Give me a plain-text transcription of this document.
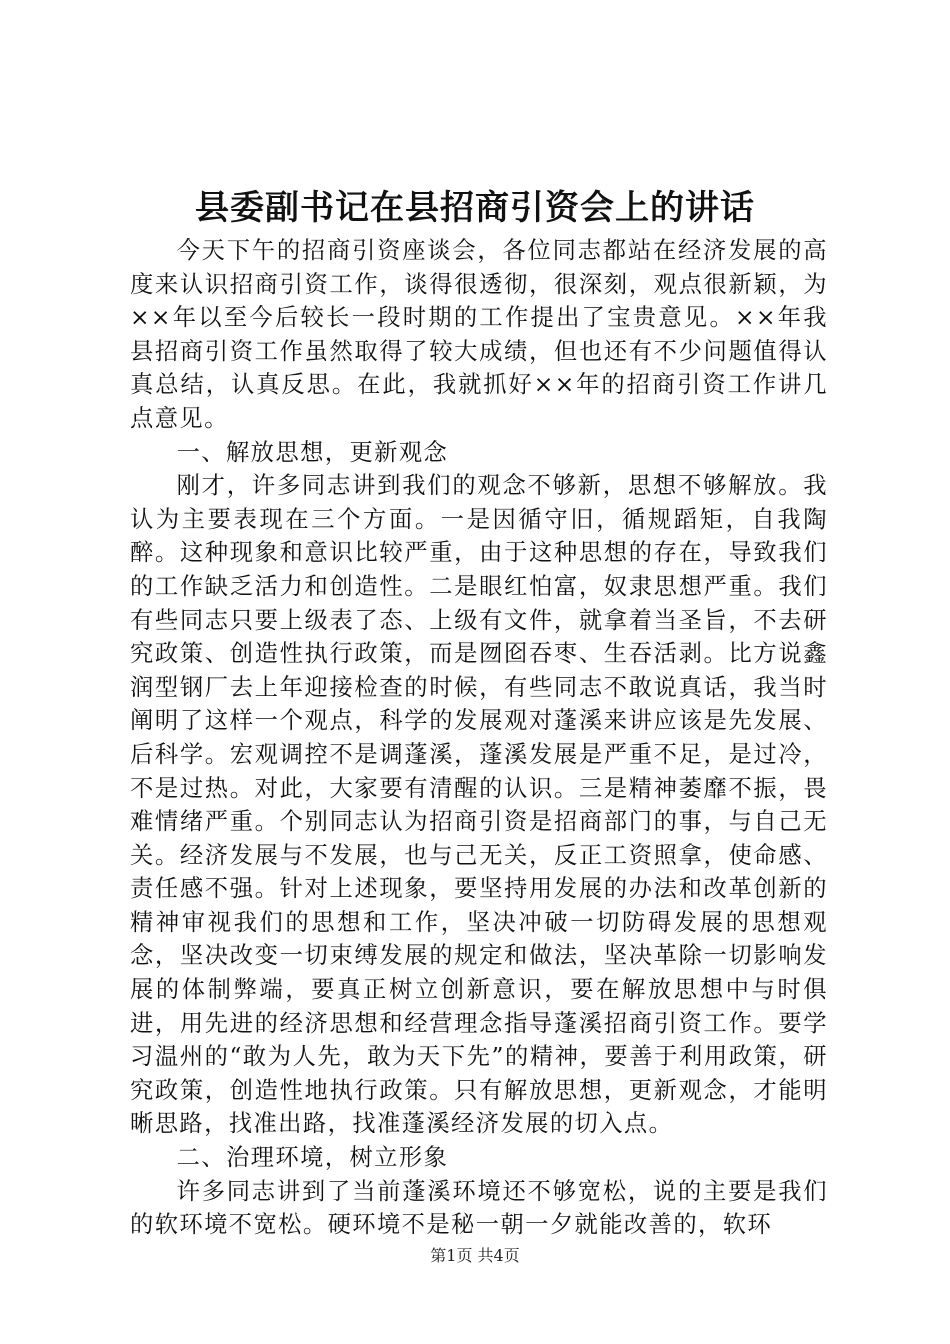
县委副书记在县招商引资会上的讲话

今天下午的招商引资座谈会，各位同志都站在经济发展的高度来认识招商引资工作，谈得很透彻，很深刻，观点很新颖，为××年以至今后较长一段时期的工作提出了宝贵意见。××年我县招商引资工作虽然取得了较大成绩，但也还有不少问题值得认真总结，认真反思。在此，我就抓好××年的招商引资工作讲几点意见。

一、解放思想，更新观念

刚才，许多同志讲到我们的观念不够新，思想不够解放。我认为主要表现在三个方面。一是因循守旧，循规蹈矩，自我陶醉。这种现象和意识比较严重，由于这种思想的存在，导致我们的工作缺乏活力和创造性。二是眼红怕富，奴隶思想严重。我们有些同志只要上级表了态、上级有文件，就拿着当圣旨，不去研究政策、创造性执行政策，而是囫囵吞枣、生吞活剥。比方说鑫润型钢厂去上年迎接检查的时候，有些同志不敢说真话，我当时阐明了这样一个观点，科学的发展观对蓬溪来讲应该是先发展、后科学。宏观调控不是调蓬溪，蓬溪发展是严重不足，是过冷，不是过热。对此，大家要有清醒的认识。三是精神萎靡不振，畏难情绪严重。个别同志认为招商引资是招商部门的事，与自己无关。经济发展与不发展，也与己无关，反正工资照拿，使命感、责任感不强。针对上述现象，要坚持用发展的办法和改革创新的精神审视我们的思想和工作，坚决冲破一切防碍发展的思想观念，坚决改变一切束缚发展的规定和做法，坚决革除一切影响发展的体制弊端，要真正树立创新意识，要在解放思想中与时俱进，用先进的经济思想和经营理念指导蓬溪招商引资工作。要学习温州的“敢为人先，敢为天下先”的精神，要善于利用政策，研究政策，创造性地执行政策。只有解放思想，更新观念，才能明晰思路，找准出路，找准蓬溪经济发展的切入点。

二、治理环境，树立形象

许多同志讲到了当前蓬溪环境还不够宽松，说的主要是我们的软环境不宽松。硬环境不是秘一朝一夕就能改善的，软环

第1页 共4页
